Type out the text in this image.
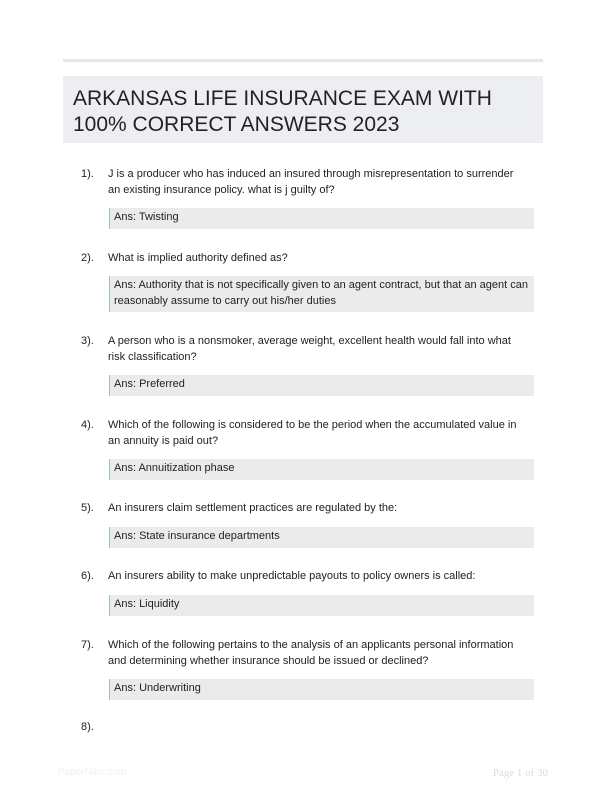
ARKANSAS LIFE INSURANCE EXAM WITH 100% CORRECT ANSWERS 2023
1). J is a producer who has induced an insured through misrepresentation to surrender an existing insurance policy. what is j guilty of?
Ans: Twisting
2). What is implied authority defined as?
Ans: Authority that is not specifically given to an agent contract, but that an agent can reasonably assume to carry out his/her duties
3). A person who is a nonsmoker, average weight, excellent health would fall into what risk classification?
Ans: Preferred
4). Which of the following is considered to be the period when the accumulated value in an annuity is paid out?
Ans: Annuitization phase
5). An insurers claim settlement practices are regulated by the:
Ans: State insurance departments
6). An insurers ability to make unpredictable payouts to policy owners is called:
Ans: Liquidity
7). Which of the following pertains to the analysis of an applicants personal information and determining whether insurance should be issued or declined?
Ans: Underwriting
8).
PaperNibs.com	Page 1 of 30
